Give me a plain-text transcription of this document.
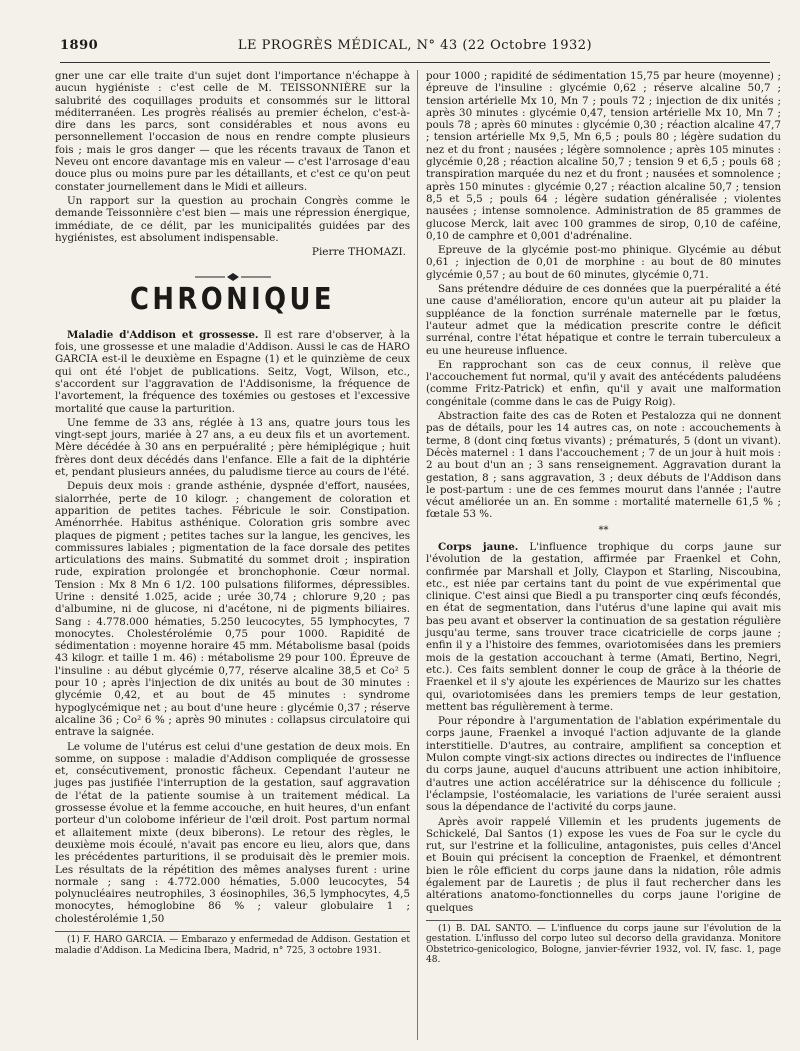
1890	LE PROGRÈS MÉDICAL, N° 43 (22 Octobre 1932)

gner une car elle traite d'un sujet dont l'importance n'échappe à aucun hygiéniste : c'est celle de M. TEISSONNIÈRE sur la salubrité des coquillages produits et consommés sur le littoral méditerranéen. Les progrès réalisés au premier échelon, c'est-à-dire dans les parcs, sont considérables et nous avons eu personnellement l'occasion de nous en rendre compte plusieurs fois ; mais le gros danger — que les récents travaux de Tanon et Neveu ont encore davantage mis en valeur — c'est l'arrosage d'eau douce plus ou moins pure par les détaillants, et c'est ce qu'on peut constater journellement dans le Midi et ailleurs.

Un rapport sur la question au prochain Congrès comme le demande Teissonnière c'est bien — mais une répression énergique, immédiate, de ce délit, par les municipalités guidées par des hygiénistes, est absolument indispensable.

Pierre THOMAZI.
CHRONIQUE

Maladie d'Addison et grossesse. Il est rare d'observer, à la fois, une grossesse et une maladie d'Addison. Aussi le cas de HARO GARCIA est-il le deuxième en Espagne (1) et le quinzième de ceux qui ont été l'objet de publications. Seitz, Vogt, Wilson, etc., s'accordent sur l'aggravation de l'Addisonisme, la fréquence de l'avortement, la fréquence des toxémies ou gestoses et l'excessive mortalité que cause la parturition.

Une femme de 33 ans, réglée à 13 ans, quatre jours tous les vingt-sept jours, mariée à 27 ans, a eu deux fils et un avortement. Mère décédée à 30 ans en perpuéralité ; père hémiplégique ; huit frères dont deux décédés dans l'enfance. Elle a fait de la diphtérie et, pendant plusieurs années, du paludisme tierce au cours de l'été.

Depuis deux mois : grande asthénie, dyspnée d'effort, nausées, sialorrhée, perte de 10 kilogr. ; changement de coloration et apparition de petites taches. Fébricule le soir. Constipation. Aménorrhée. Habitus asthénique. Coloration gris sombre avec plaques de pigment ; petites taches sur la langue, les gencives, les commissures labiales ; pigmentation de la face dorsale des petites articulations des mains. Submatité du sommet droit ; inspiration rude, expiration prolongée et bronchophonie. Cœur normal. Tension : Mx 8 Mn 6 1/2. 100 pulsations filiformes, dépressibles. Urine : densité 1.025, acide ; urée 30,74 ; chlorure 9,20 ; pas d'albumine, ni de glucose, ni d'acétone, ni de pigments biliaires. Sang : 4.778.000 hématies, 5.250 leucocytes, 55 lymphocytes, 7 monocytes. Cholestérolémie 0,75 pour 1000. Rapidité de sédimentation : moyenne horaire 45 mm. Métabolisme basal (poids 43 kilogr. et taille 1 m. 46) : métabolisme 29 pour 100. Épreuve de l'insuline : au début glycémie 0,77, réserve alcaline 38,5 et Co² 5 pour 10 ; après l'injection de dix unités au bout de 30 minutes : glycémie 0,42, et au bout de 45 minutes : syndrome hypoglycémique net ; au bout d'une heure : glycémie 0,37 ; réserve alcaline 36 ; Co² 6 % ; après 90 minutes : collapsus circulatoire qui entrave la saignée.

Le volume de l'utérus est celui d'une gestation de deux mois. En somme, on suppose : maladie d'Addison compliquée de grossesse et, consécutivement, pronostic fâcheux. Cependant l'auteur ne juges pas justifiée l'interruption de la gestation, sauf aggravation de l'état de la patiente soumise à un traitement médical. La grossesse évolue et la femme accouche, en huit heures, d'un enfant porteur d'un colobome inférieur de l'œil droit. Post partum normal et allaitement mixte (deux biberons). Le retour des règles, le deuxième mois écoulé, n'avait pas encore eu lieu, alors que, dans les précédentes parturitions, il se produisait dès le premier mois. Les résultats de la répétition des mêmes analyses furent : urine normale ; sang : 4.772.000 hématies, 5.000 leucocytes, 54 polynucléaires neutrophiles, 3 éosinophiles, 36,5 lymphocytes, 4,5 monocytes, hémoglobine 86 % ; valeur globulaire 1 ; cholestérolémie 1,50

(1) F. HARO GARCIA. — Embarazo y enfermedad de Addison. Gestation et maladie d'Addison. La Medicina Ibera, Madrid, n° 725, 3 octobre 1931.

pour 1000 ; rapidité de sédimentation 15,75 par heure (moyenne) ; épreuve de l'insuline : glycémie 0,62 ; réserve alcaline 50,7 ; tension artérielle Mx 10, Mn 7 ; pouls 72 ; injection de dix unités ; après 30 minutes : glycémie 0,47, tension artérielle Mx 10, Mn 7 ; pouls 78 ; après 60 minutes : glycémie 0,30 ; réaction alcaline 47,7 ; tension artérielle Mx 9,5, Mn 6,5 ; pouls 80 ; légère sudation du nez et du front ; nausées ; légère somnolence ; après 105 minutes : glycémie 0,28 ; réaction alcaline 50,7 ; tension 9 et 6,5 ; pouls 68 ; transpiration marquée du nez et du front ; nausées et somnolence ; après 150 minutes : glycémie 0,27 ; réaction alcaline 50,7 ; tension 8,5 et 5,5 ; pouls 64 ; légère sudation généralisée ; violentes nausées ; intense somnolence. Administration de 85 grammes de glucose Merck, lait avec 100 grammes de sirop, 0,10 de caféine, 0,10 de camphre et 0,001 d'adrénaline.

Epreuve de la glycémie post-mo phinique. Glycémie au début 0,61 ; injection de 0,01 de morphine : au bout de 80 minutes glycémie 0,57 ; au bout de 60 minutes, glycémie 0,71.

Sans prétendre déduire de ces données que la puerpéralité a été une cause d'amélioration, encore qu'un auteur ait pu plaider la suppléance de la fonction surrénale maternelle par le fœtus, l'auteur admet que la médication prescrite contre le déficit surrénal, contre l'état hépatique et contre le terrain tuberculeux a eu une heureuse influence.

En rapprochant son cas de ceux connus, il relève que l'accouchement fut normal, qu'il y avait des antécédents paludéens (comme Fritz-Patrick) et enfin, qu'il y avait une malformation congénitale (comme dans le cas de Puigy Roig).

Abstraction faite des cas de Roten et Pestalozza qui ne donnent pas de détails, pour les 14 autres cas, on note : accouchements à terme, 8 (dont cinq fœtus vivants) ; prématurés, 5 (dont un vivant). Décès maternel : 1 dans l'accouchement ; 7 de un jour à huit mois : 2 au bout d'un an ; 3 sans renseignement. Aggravation durant la gestation, 8 ; sans aggravation, 3 ; deux débuts de l'Addison dans le post-partum : une de ces femmes mourut dans l'année ; l'autre vécut améliorée un an. En somme : mortalité maternelle 61,5 % ; fœtale 53 %.

**

Corps jaune. L'influence trophique du corps jaune sur l'évolution de la gestation, affirmée par Fraenkel et Cohn, confirmée par Marshall et Jolly, Claypon et Starling, Niscoubina, etc., est niée par certains tant du point de vue expérimental que clinique. C'est ainsi que Biedl a pu transporter cinq œufs fécondés, en état de segmentation, dans l'utérus d'une lapine qui avait mis bas peu avant et observer la continuation de sa gestation régulière jusqu'au terme, sans trouver trace cicatricielle de corps jaune ; enfin il y a l'histoire des femmes, ovariotomisées dans les premiers mois de la gestation accouchant à terme (Amati, Bertino, Negri, etc.). Ces faits semblent donner le coup de grâce à la théorie de Fraenkel et il s'y ajoute les expériences de Maurizo sur les chattes qui, ovariotomisées dans les premiers temps de leur gestation, mettent bas régulièrement à terme.

Pour répondre à l'argumentation de l'ablation expérimentale du corps jaune, Fraenkel a invoqué l'action adjuvante de la glande interstitielle. D'autres, au contraire, amplifient sa conception et Mulon compte vingt-six actions directes ou indirectes de l'influence du corps jaune, auquel d'aucuns attribuent une action inhibitoire, d'autres une action accélératrice sur la déhiscence du follicule ; l'éclampsie, l'ostéomalacie, les variations de l'urée seraient aussi sous la dépendance de l'activité du corps jaune.

Après avoir rappelé Villemin et les prudents jugements de Schickelé, Dal Santos (1) expose les vues de Foa sur le cycle du rut, sur l'estrine et la folliculine, antagonistes, puis celles d'Ancel et Bouin qui précisent la conception de Fraenkel, et démontrent bien le rôle efficient du corps jaune dans la nidation, rôle admis également par de Lauretis ; de plus il faut rechercher dans les altérations anatomo-fonctionnelles du corps jaune l'origine de quelques

(1) B. DAL SANTO. — L'influence du corps jaune sur l'évolution de la gestation. L'influsso del corpo luteo sul decorso della gravidanza. Monitore Obstetrico-genicologico, Bologne, janvier-février 1932, vol. IV, fasc. 1, page 48.
